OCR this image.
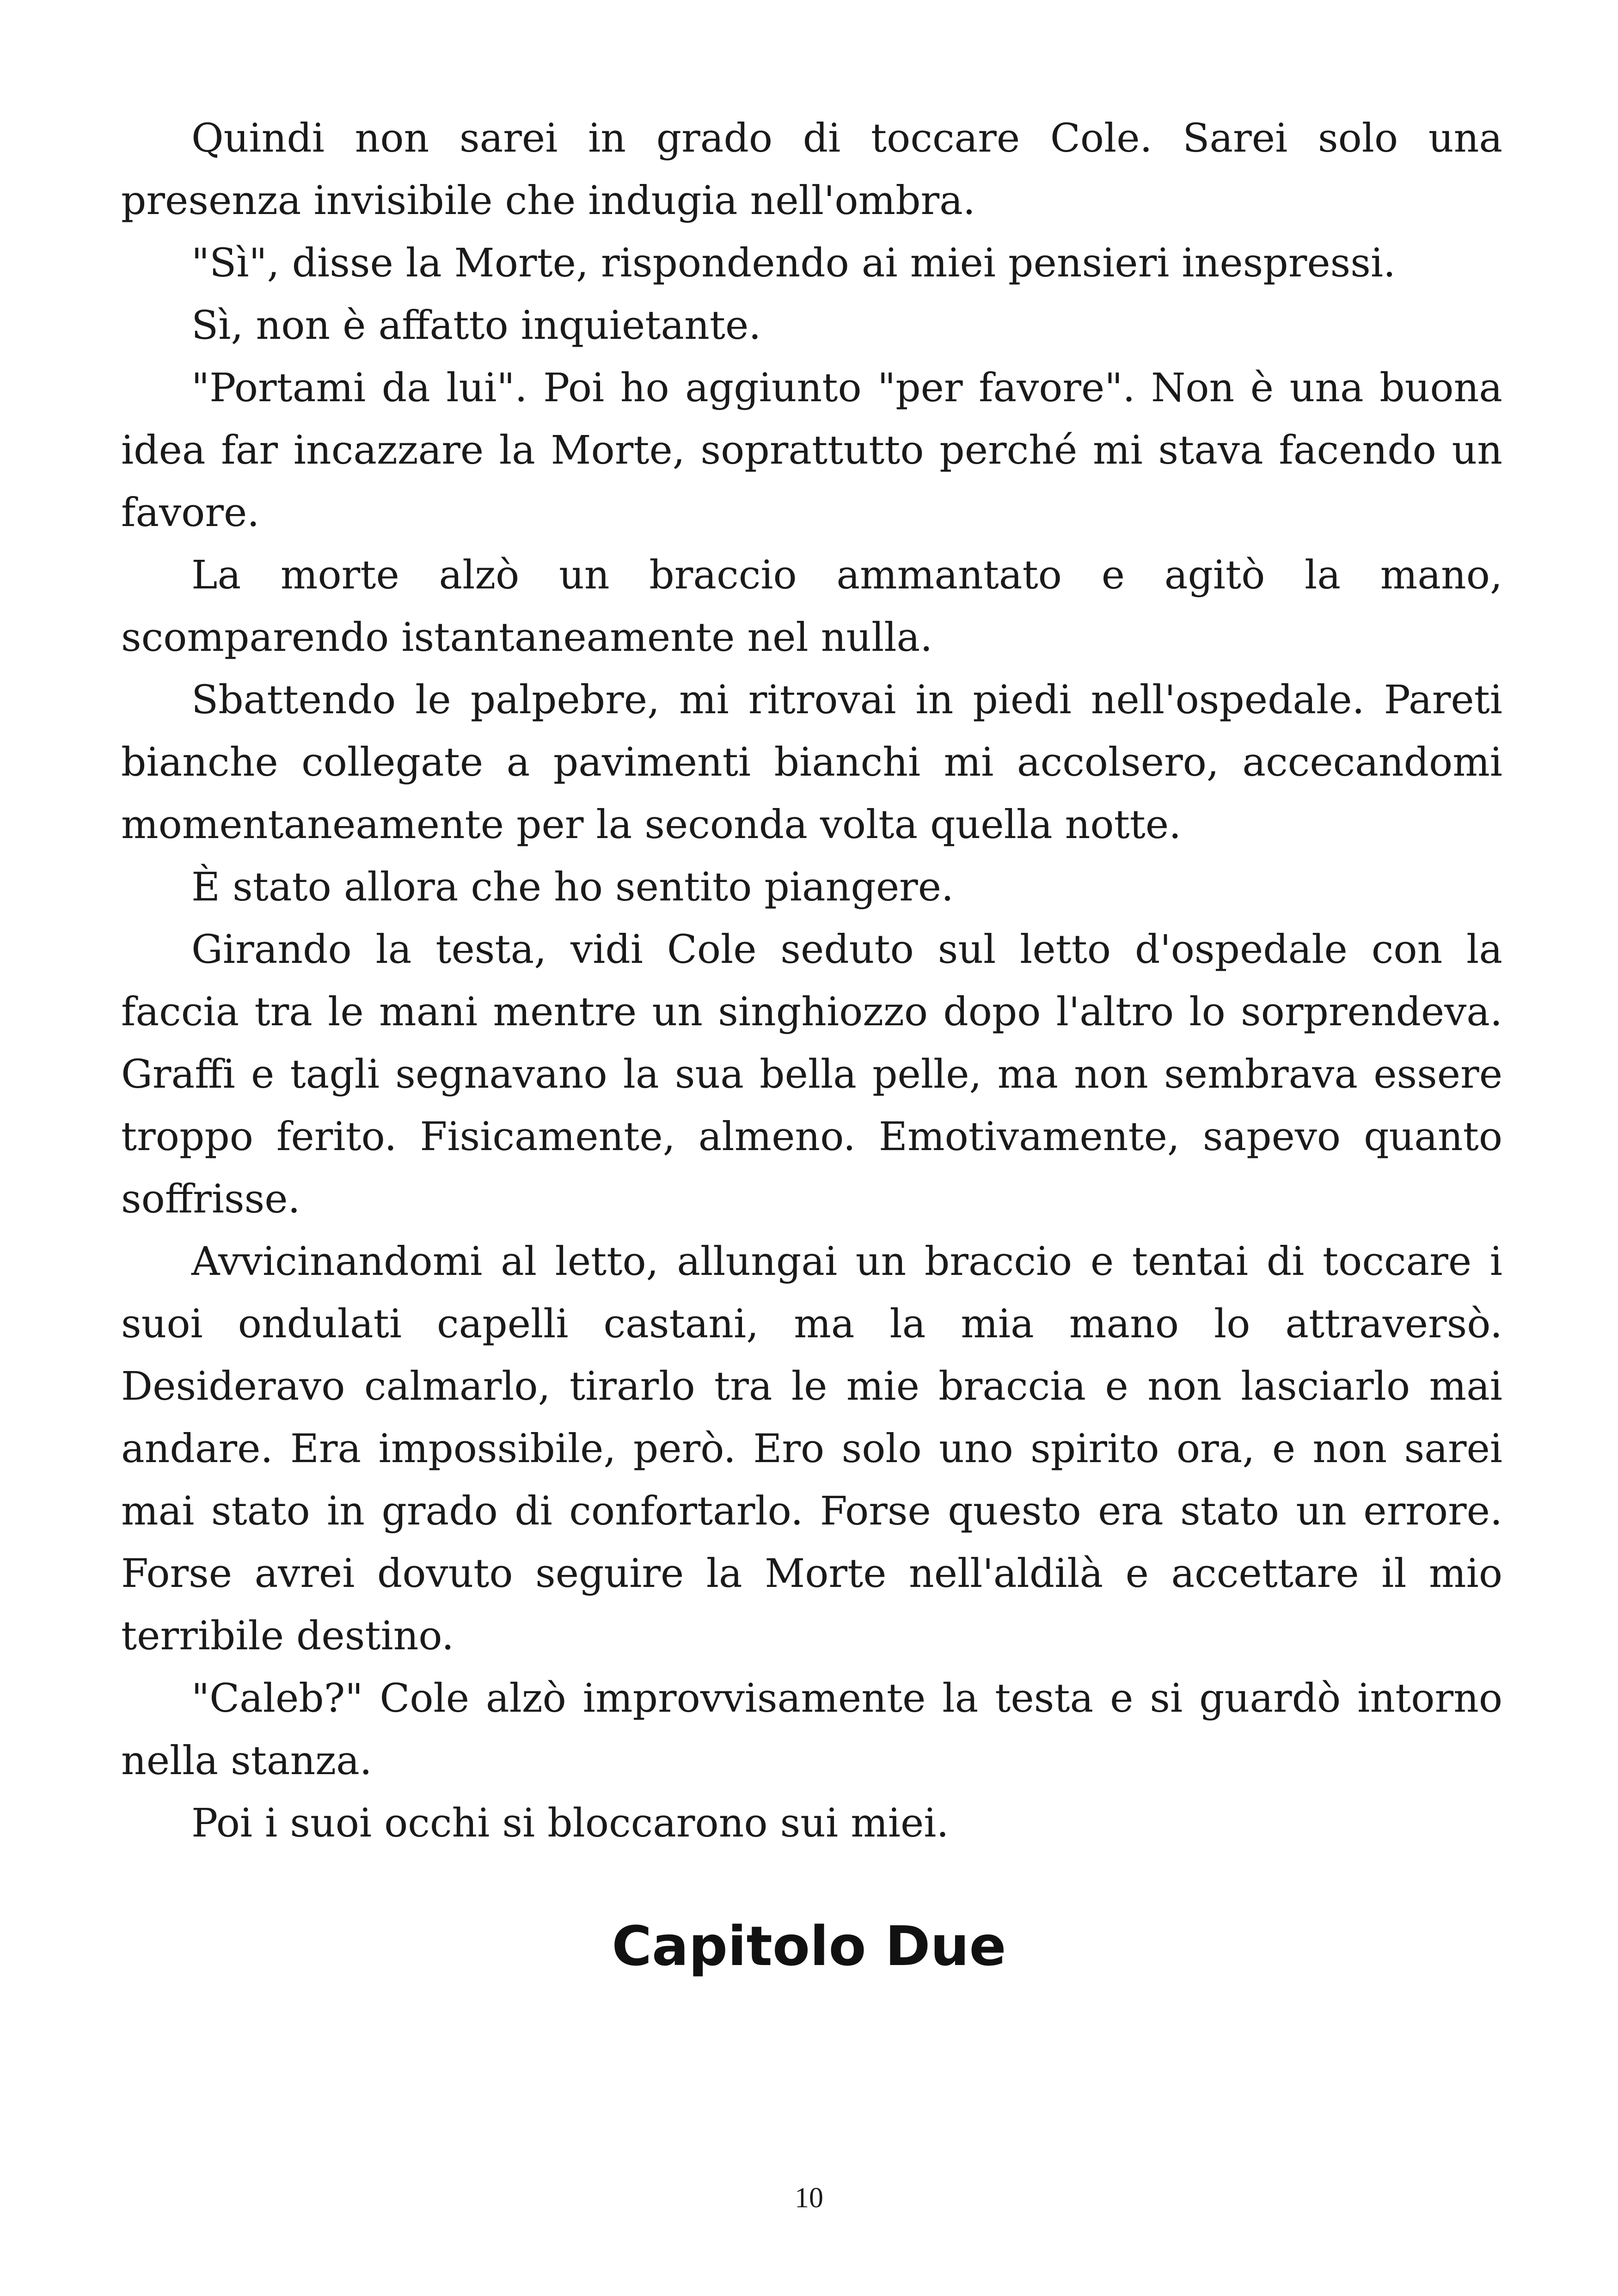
Quindi non sarei in grado di toccare Cole. Sarei solo una presenza invisibile che indugia nell'ombra.

"Sì", disse la Morte, rispondendo ai miei pensieri inespressi.

Sì, non è affatto inquietante.

"Portami da lui". Poi ho aggiunto "per favore". Non è una buona idea far incazzare la Morte, soprattutto perché mi stava facendo un favore.

La morte alzò un braccio ammantato e agitò la mano, scomparendo istantaneamente nel nulla.

Sbattendo le palpebre, mi ritrovai in piedi nell'ospedale. Pareti bianche collegate a pavimenti bianchi mi accolsero, accecandomi momentaneamente per la seconda volta quella notte.

È stato allora che ho sentito piangere.

Girando la testa, vidi Cole seduto sul letto d'ospedale con la faccia tra le mani mentre un singhiozzo dopo l'altro lo sorprendeva. Graffi e tagli segnavano la sua bella pelle, ma non sembrava essere troppo ferito. Fisicamente, almeno. Emotivamente, sapevo quanto soffrisse.

Avvicinandomi al letto, allungai un braccio e tentai di toccare i suoi ondulati capelli castani, ma la mia mano lo attraversò. Desideravo calmarlo, tirarlo tra le mie braccia e non lasciarlo mai andare. Era impossibile, però. Ero solo uno spirito ora, e non sarei mai stato in grado di confortarlo. Forse questo era stato un errore. Forse avrei dovuto seguire la Morte nell'aldilà e accettare il mio terribile destino.

"Caleb?" Cole alzò improvvisamente la testa e si guardò intorno nella stanza.

Poi i suoi occhi si bloccarono sui miei.

Capitolo Due
10
